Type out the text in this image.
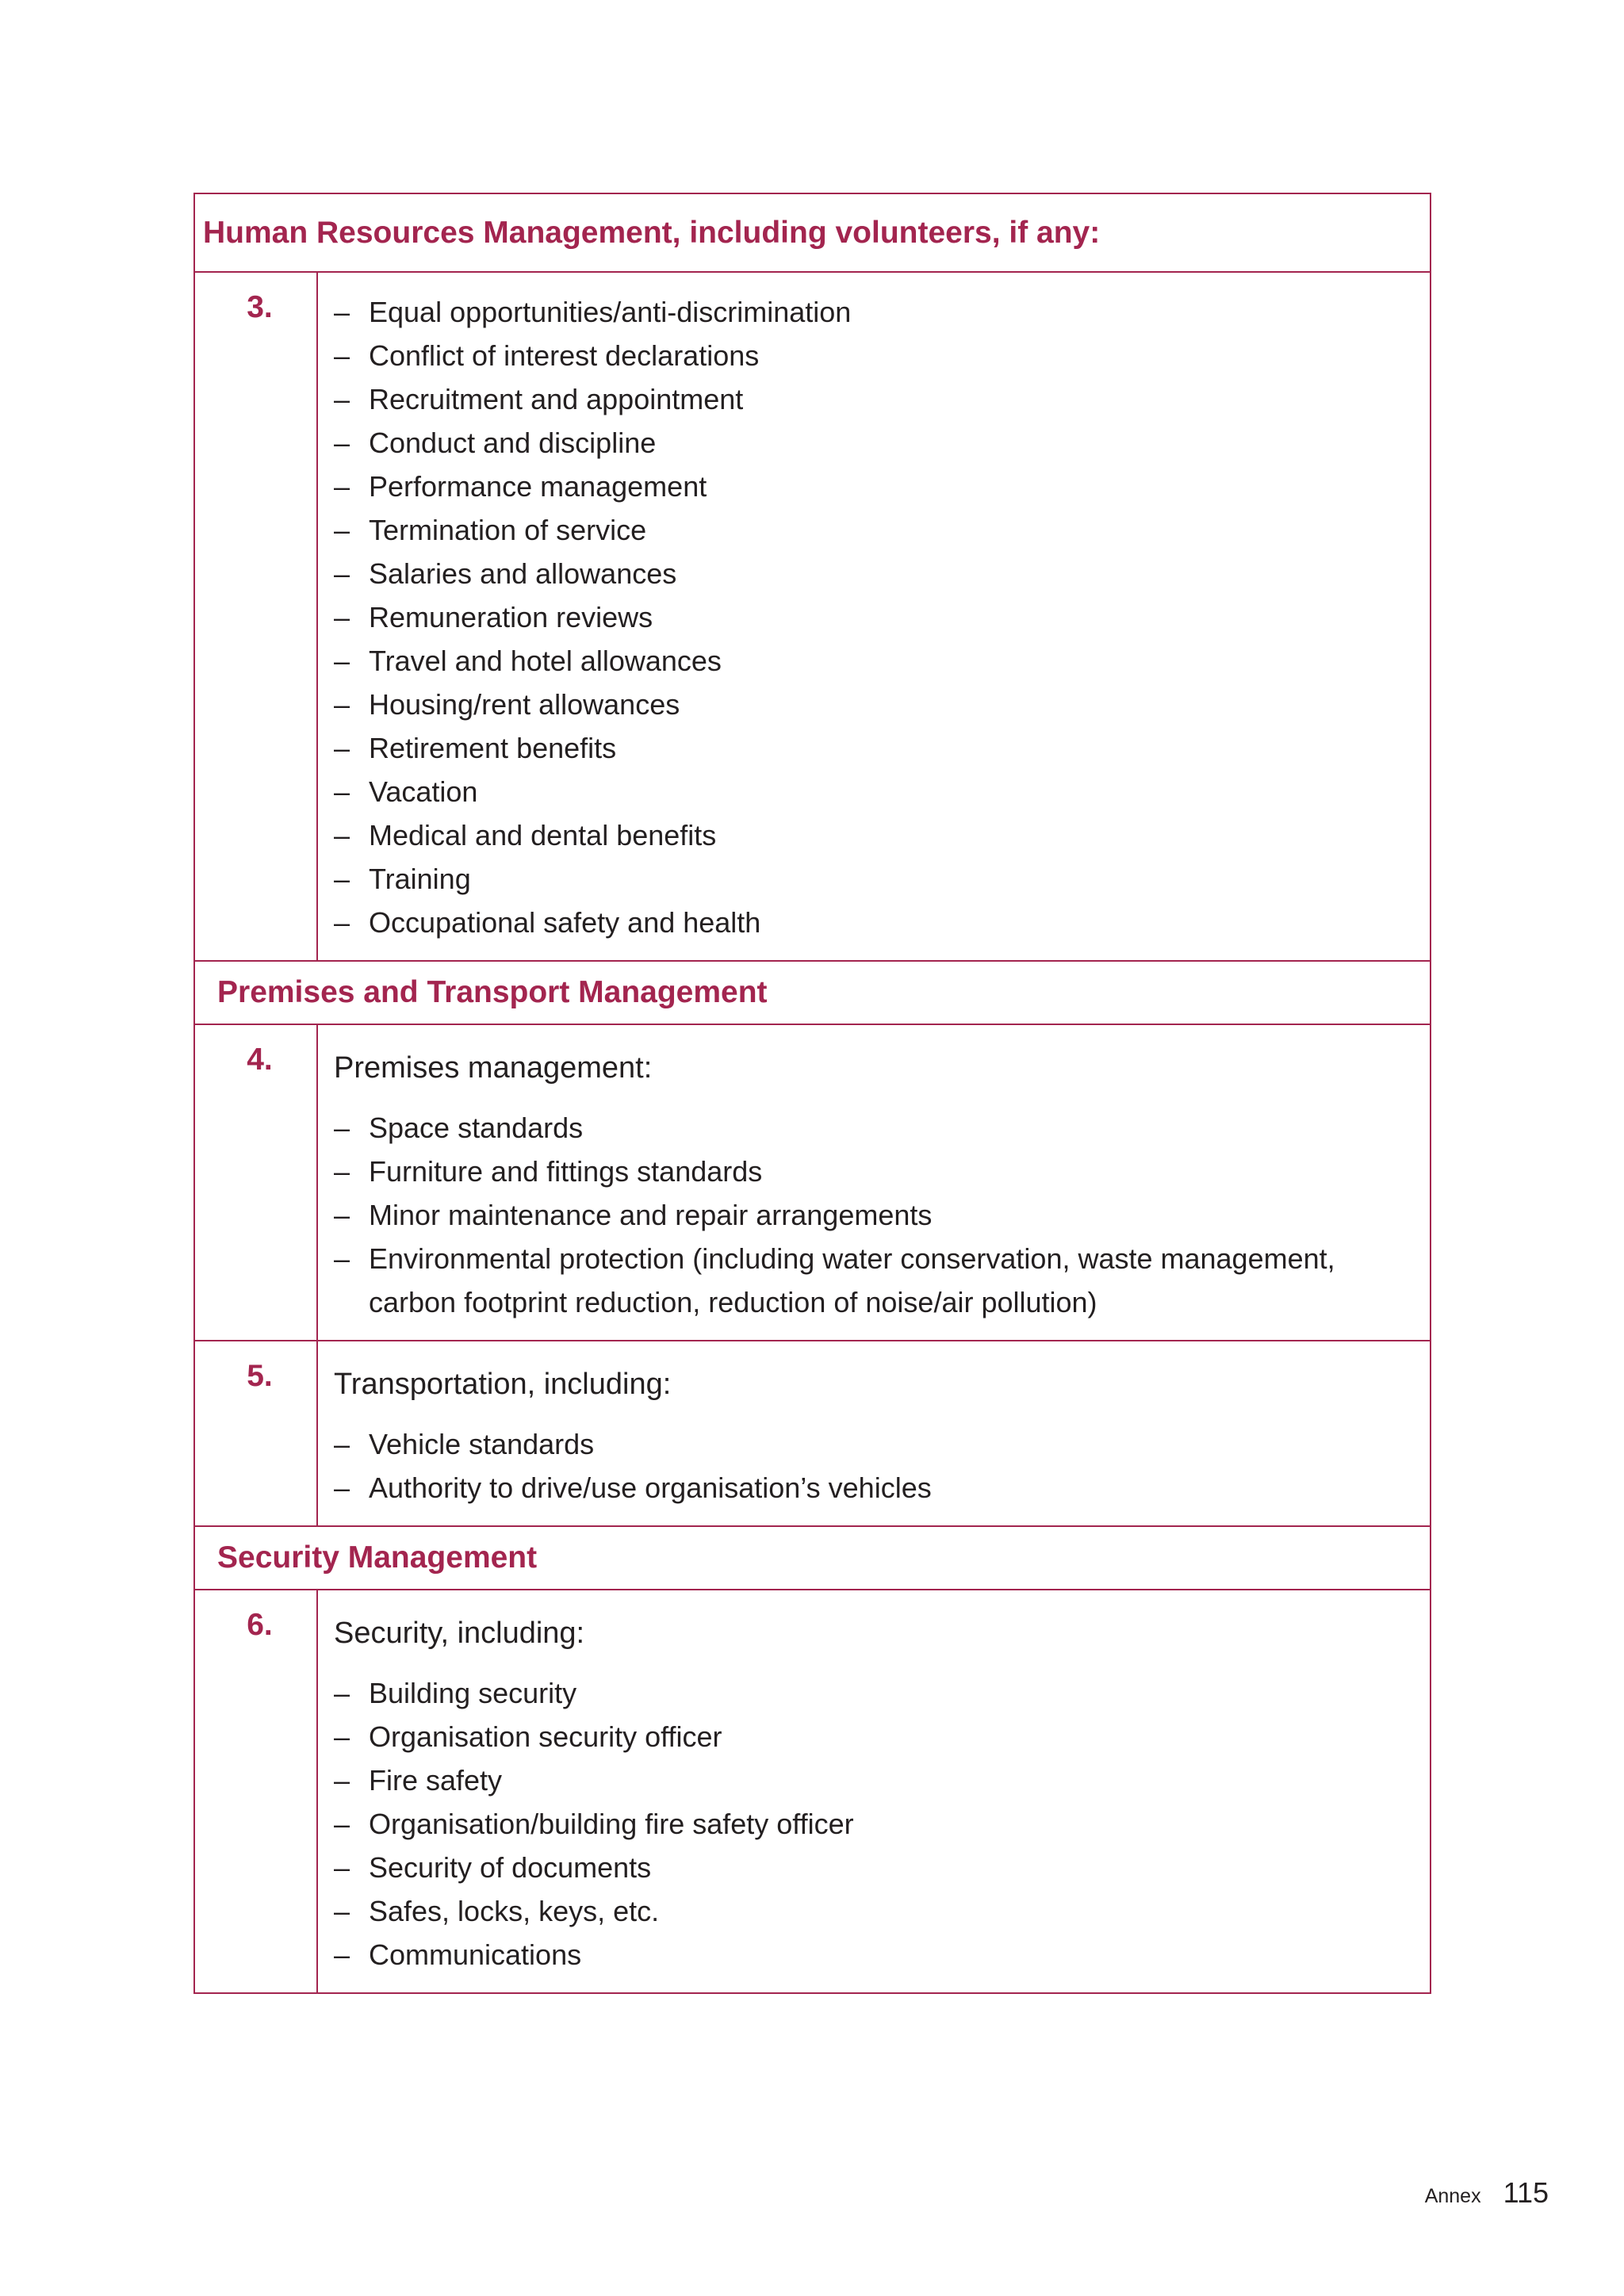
Human Resources Management, including volunteers, if any:
3.	– Equal opportunities/anti-discrimination
– Conflict of interest declarations
– Recruitment and appointment
– Conduct and discipline
– Performance management
– Termination of service
– Salaries and allowances
– Remuneration reviews
– Travel and hotel allowances
– Housing/rent allowances
– Retirement benefits
– Vacation
– Medical and dental benefits
– Training
– Occupational safety and health
Premises and Transport Management
4.	Premises management:
– Space standards
– Furniture and fittings standards
– Minor maintenance and repair arrangements
– Environmental protection (including water conservation, waste management, carbon footprint reduction, reduction of noise/air pollution)
5.	Transportation, including:
– Vehicle standards
– Authority to drive/use organisation’s vehicles
Security Management
6.	Security, including:
– Building security
– Organisation security officer
– Fire safety
– Organisation/building fire safety officer
– Security of documents
– Safes, locks, keys, etc.
– Communications
Annex 115
